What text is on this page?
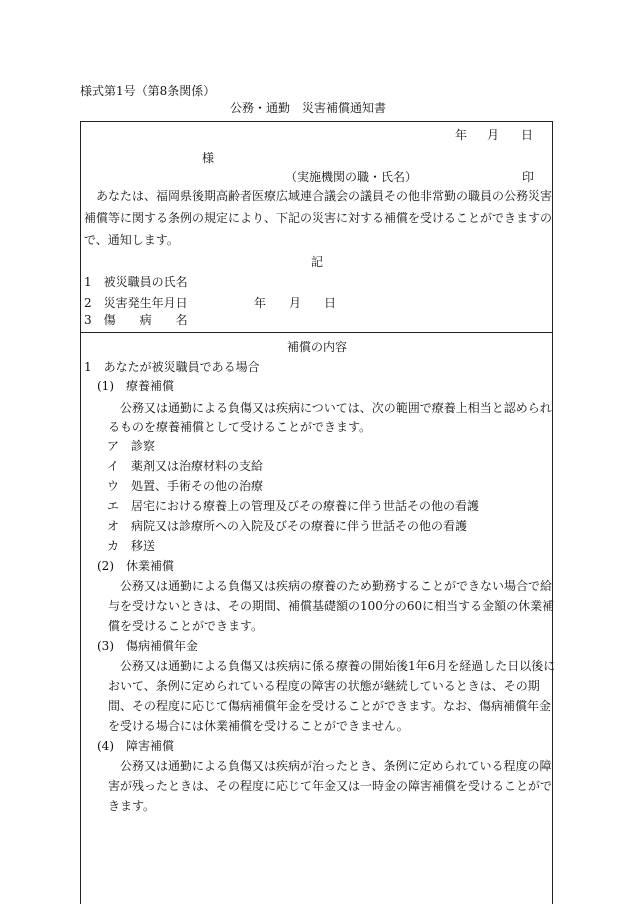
様式第1号（第8条関係）
公務・通勤　災害補償通知書
年 月 日
様
（実施機関の職・氏名）	印
　あなたは、福岡県後期高齢者医療広域連合議会の議員その他非常勤の職員の公務災害
補償等に関する条例の規定により、下記の災害に対する補償を受けることができますの
で、通知します。
記
1　被災職員の氏名
2　災害発生年月日	年 月 日
3　傷　　病　　名
補償の内容
1　あなたが被災職員である場合
(1)　療養補償
公務又は通勤による負傷又は疾病については、次の範囲で療養上相当と認められ
るものを療養補償として受けることができます。
ア　診察
イ　薬剤又は治療材料の支給
ウ　処置、手術その他の治療
エ　居宅における療養上の管理及びその療養に伴う世話その他の看護
オ　病院又は診療所への入院及びその療養に伴う世話その他の看護
カ　移送
(2)　休業補償
公務又は通勤による負傷又は疾病の療養のため勤務することができない場合で給
与を受けないときは、その期間、補償基礎額の100分の60に相当する金額の休業補
償を受けることができます。
(3)　傷病補償年金
公務又は通勤による負傷又は疾病に係る療養の開始後1年6月を経過した日以後に
おいて、条例に定められている程度の障害の状態が継続しているときは、その期
間、その程度に応じて傷病補償年金を受けることができます。なお、傷病補償年金
を受ける場合には休業補償を受けることができません。
(4)　障害補償
公務又は通勤による負傷又は疾病が治ったとき、条例に定められている程度の障
害が残ったときは、その程度に応じて年金又は一時金の障害補償を受けることがで
きます。
